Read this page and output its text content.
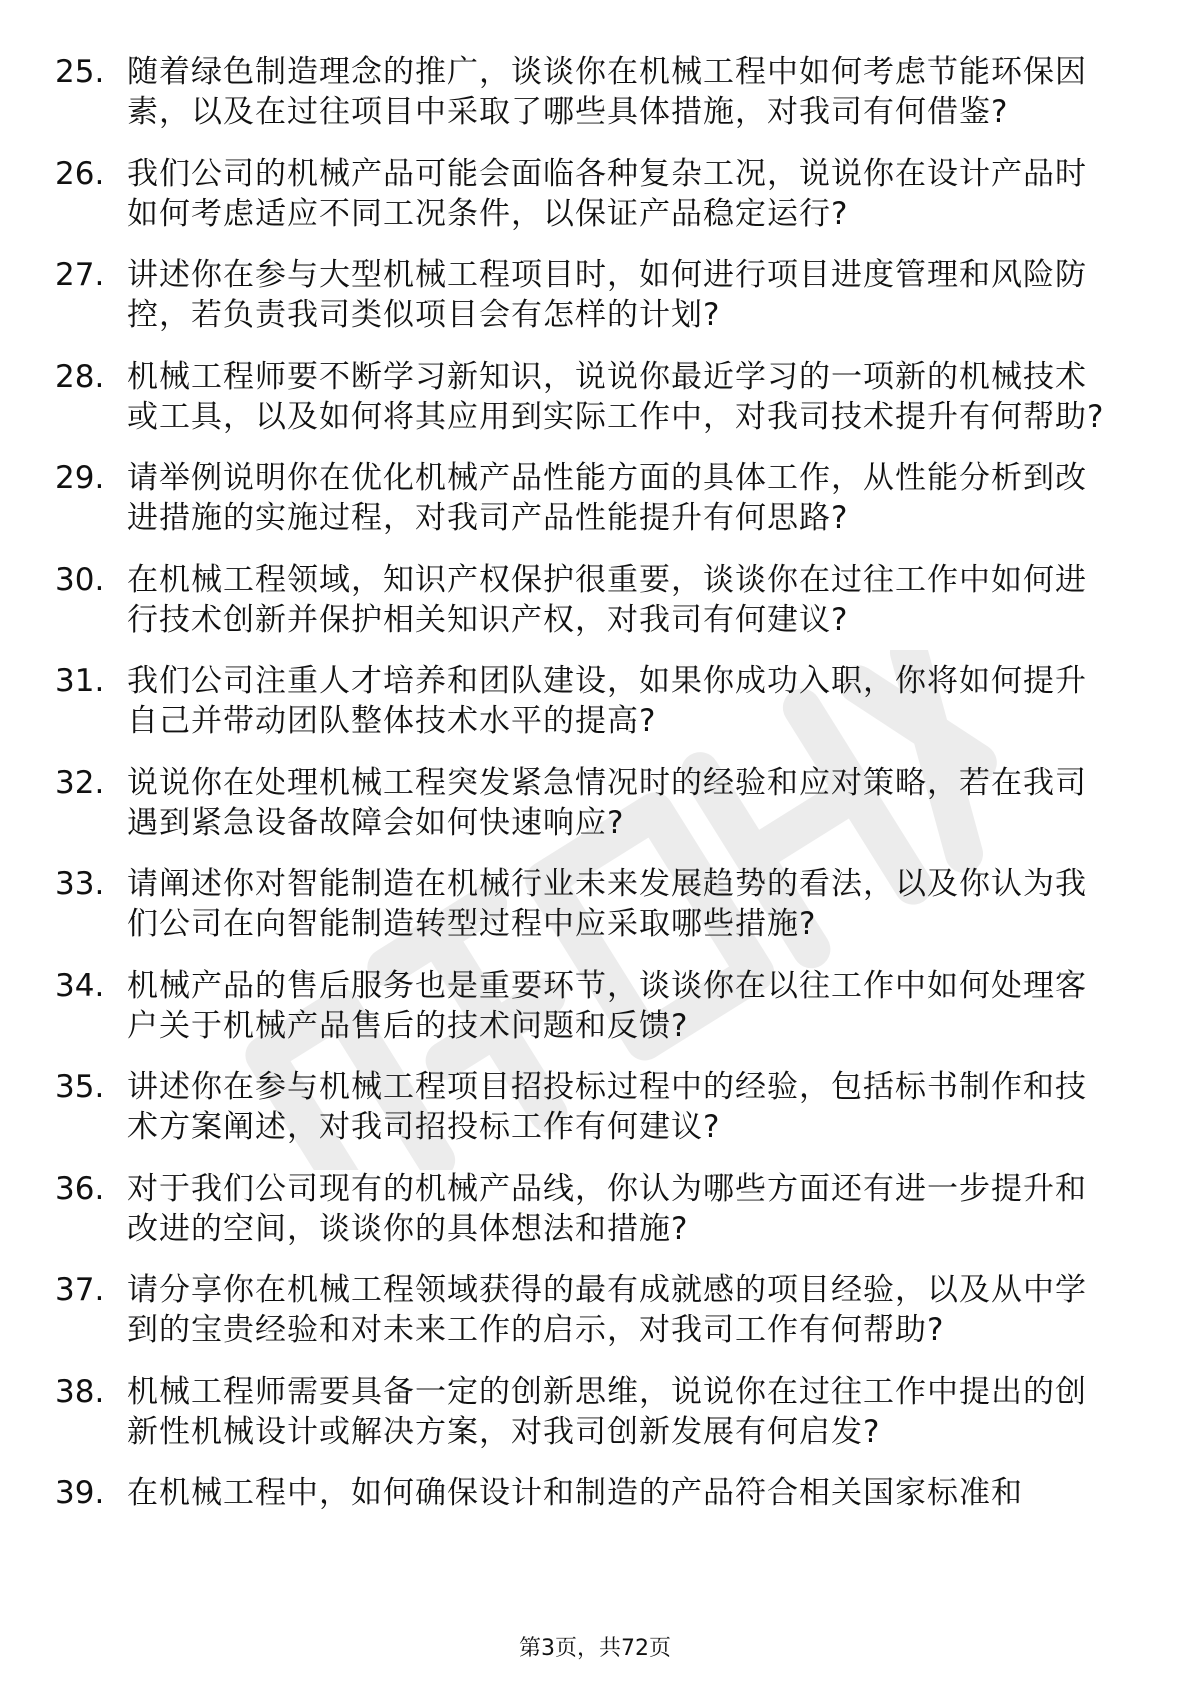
25. 随着绿色制造理念的推广，谈谈你在机械工程中如何考虑节能环保因素，以及在过往项目中采取了哪些具体措施，对我司有何借鉴?
26. 我们公司的机械产品可能会面临各种复杂工况，说说你在设计产品时如何考虑适应不同工况条件，以保证产品稳定运行?
27. 讲述你在参与大型机械工程项目时，如何进行项目进度管理和风险防控，若负责我司类似项目会有怎样的计划?
28. 机械工程师要不断学习新知识，说说你最近学习的一项新的机械技术或工具，以及如何将其应用到实际工作中，对我司技术提升有何帮助?
29. 请举例说明你在优化机械产品性能方面的具体工作，从性能分析到改进措施的实施过程，对我司产品性能提升有何思路?
30. 在机械工程领域，知识产权保护很重要，谈谈你在过往工作中如何进行技术创新并保护相关知识产权，对我司有何建议?
31. 我们公司注重人才培养和团队建设，如果你成功入职，你将如何提升自己并带动团队整体技术水平的提高?
32. 说说你在处理机械工程突发紧急情况时的经验和应对策略，若在我司遇到紧急设备故障会如何快速响应?
33. 请阐述你对智能制造在机械行业未来发展趋势的看法，以及你认为我们公司在向智能制造转型过程中应采取哪些措施?
34. 机械产品的售后服务也是重要环节，谈谈你在以往工作中如何处理客户关于机械产品售后的技术问题和反馈?
35. 讲述你在参与机械工程项目招投标过程中的经验，包括标书制作和技术方案阐述，对我司招投标工作有何建议?
36. 对于我们公司现有的机械产品线，你认为哪些方面还有进一步提升和改进的空间，谈谈你的具体想法和措施?
37. 请分享你在机械工程领域获得的最有成就感的项目经验，以及从中学到的宝贵经验和对未来工作的启示，对我司工作有何帮助?
38. 机械工程师需要具备一定的创新思维，说说你在过往工作中提出的创新性机械设计或解决方案，对我司创新发展有何启发?
39. 在机械工程中，如何确保设计和制造的产品符合相关国家标准和
第3页，共72页
